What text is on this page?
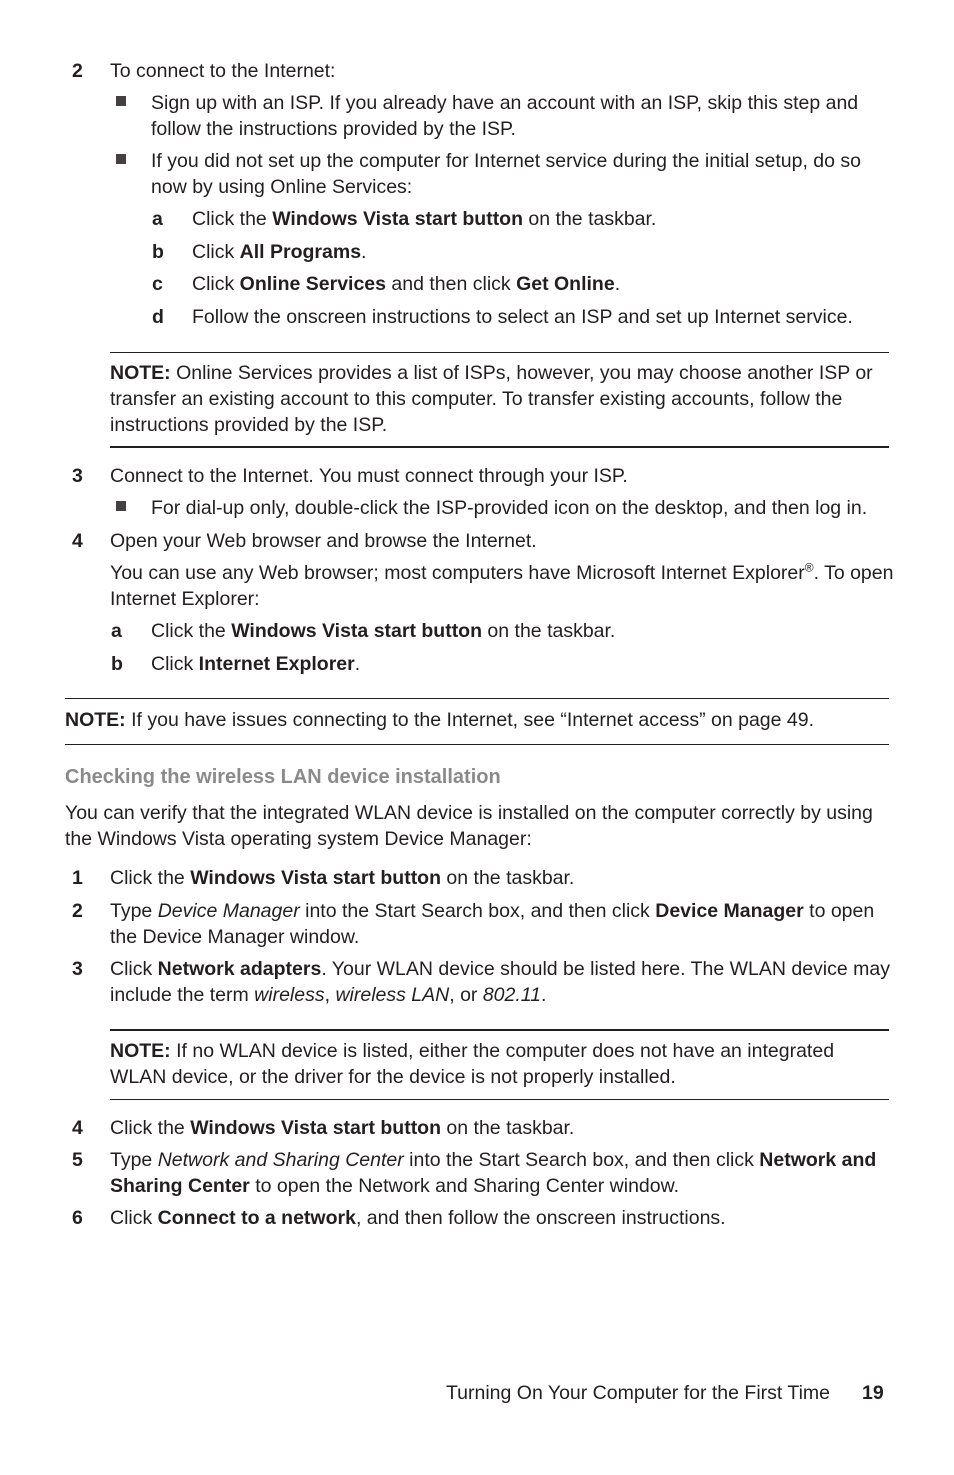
2	To connect to the Internet:
Sign up with an ISP. If you already have an account with an ISP, skip this step and follow the instructions provided by the ISP.
If you did not set up the computer for Internet service during the initial setup, do so now by using Online Services:
a Click the Windows Vista start button on the taskbar.
b Click All Programs.
c Click Online Services and then click Get Online.
d Follow the onscreen instructions to select an ISP and set up Internet service.
NOTE: Online Services provides a list of ISPs, however, you may choose another ISP or transfer an existing account to this computer. To transfer existing accounts, follow the instructions provided by the ISP.
3	Connect to the Internet. You must connect through your ISP.
For dial-up only, double-click the ISP-provided icon on the desktop, and then log in.
4	Open your Web browser and browse the Internet.
You can use any Web browser; most computers have Microsoft Internet Explorer®. To open Internet Explorer:
a Click the Windows Vista start button on the taskbar.
b Click Internet Explorer.
NOTE: If you have issues connecting to the Internet, see “Internet access” on page 49.
Checking the wireless LAN device installation
You can verify that the integrated WLAN device is installed on the computer correctly by using the Windows Vista operating system Device Manager:
1	Click the Windows Vista start button on the taskbar.
2	Type Device Manager into the Start Search box, and then click Device Manager to open the Device Manager window.
3	Click Network adapters. Your WLAN device should be listed here. The WLAN device may include the term wireless, wireless LAN, or 802.11.
NOTE: If no WLAN device is listed, either the computer does not have an integrated WLAN device, or the driver for the device is not properly installed.
4	Click the Windows Vista start button on the taskbar.
5	Type Network and Sharing Center into the Start Search box, and then click Network and Sharing Center to open the Network and Sharing Center window.
6	Click Connect to a network, and then follow the onscreen instructions.
Turning On Your Computer for the First Time 19
